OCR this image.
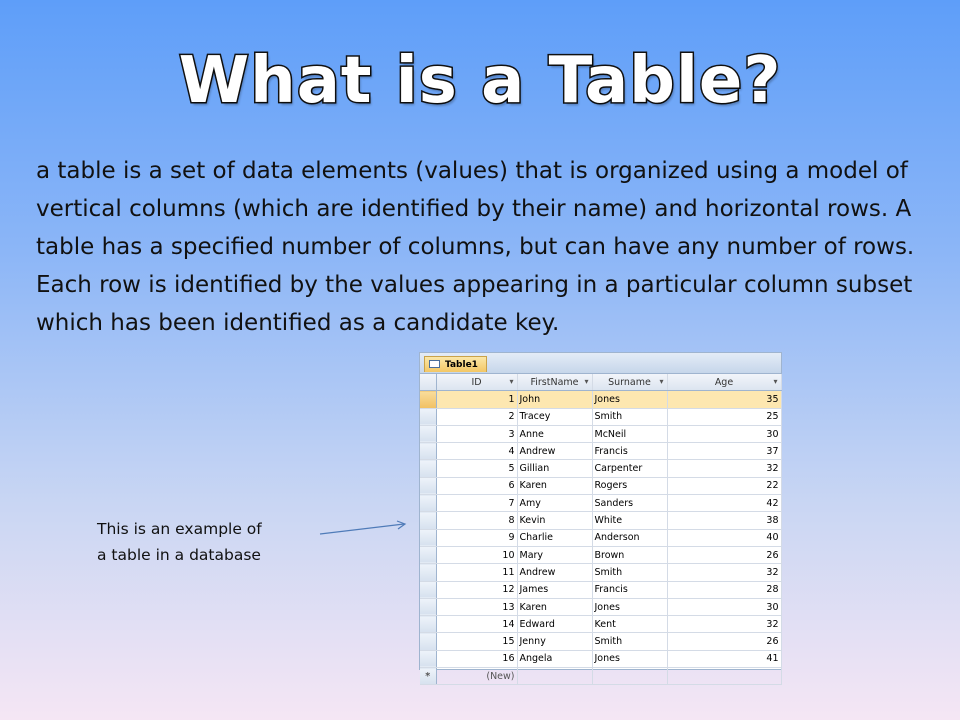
What is a Table?

a table is a set of data elements (values) that is organized using a model of vertical columns (which are identified by their name) and horizontal rows. A table has a specified number of columns, but can have any number of rows. Each row is identified by the values appearing in a particular column subset which has been identified as a candidate key.

This is an example of
a table in a database
Table1
	ID ▾	FirstName ▾	Surname ▾	Age ▾

	1	John	Jones	35
	2	Tracey	Smith	25
	3	Anne	McNeil	30
	4	Andrew	Francis	37
	5	Gillian	Carpenter	32
	6	Karen	Rogers	22
	7	Amy	Sanders	42
	8	Kevin	White	38
	9	Charlie	Anderson	40
	10	Mary	Brown	26
	11	Andrew	Smith	32
	12	James	Francis	28
	13	Karen	Jones	30
	14	Edward	Kent	32
	15	Jenny	Smith	26
	16	Angela	Jones	41
*	(New)			
